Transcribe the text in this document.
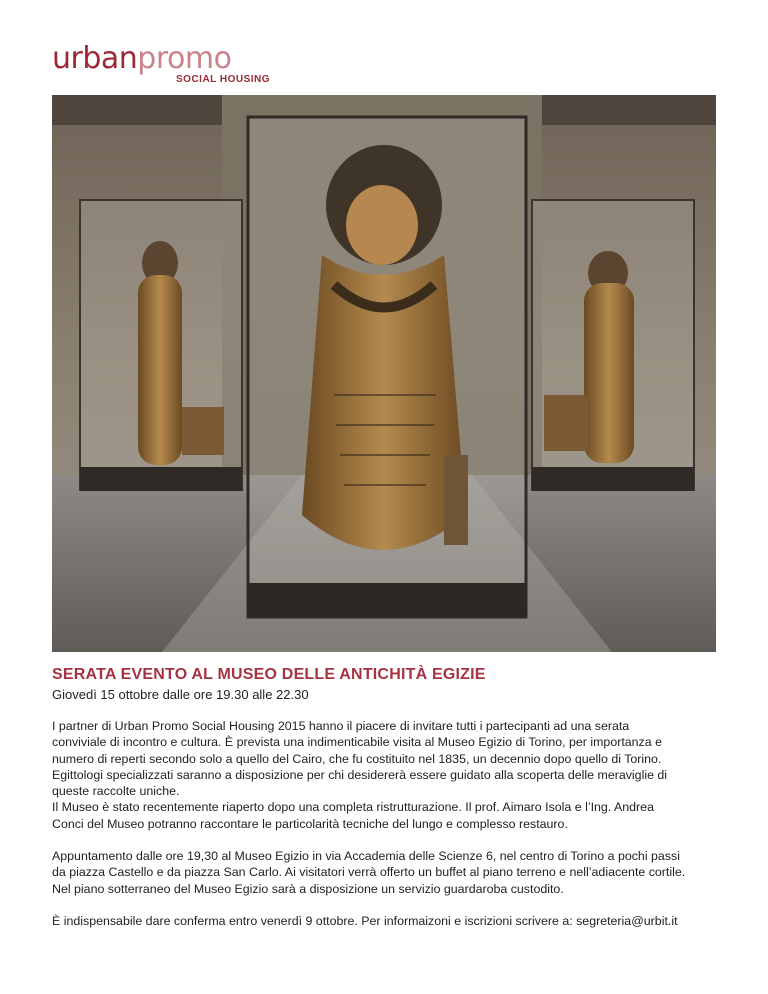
urbanpromo
SOCIAL HOUSING
SERATA EVENTO AL MUSEO DELLE ANTICHITÀ EGIZIE

Giovedì 15 ottobre dalle ore 19.30 alle 22.30

I partner di Urban Promo Social Housing 2015 hanno il piacere di invitare tutti i partecipanti ad una serata
conviviale di incontro e cultura. È prevista una indimenticabile visita al Museo Egizio di Torino, per importanza e
numero di reperti secondo solo a quello del Cairo, che fu costituito nel 1835, un decennio dopo quello di Torino.
Egittologi specializzati saranno a disposizione per chi desidererà essere guidato alla scoperta delle meraviglie di
queste raccolte uniche.
Il Museo è stato recentemente riaperto dopo una completa ristrutturazione. Il prof. Aimaro Isola e l’Ing. Andrea
Conci del Museo potranno raccontare le particolarità tecniche del lungo e complesso restauro.

Appuntamento dalle ore 19,30 al Museo Egizio in via Accademia delle Scienze 6, nel centro di Torino a pochi passi
da piazza Castello e da piazza San Carlo. Ai visitatori verrà offerto un buffet al piano terreno e nell’adiacente cortile.
Nel piano sotterraneo del Museo Egizio sarà a disposizione un servizio guardaroba custodito.

È indispensabile dare conferma entro venerdì 9 ottobre. Per informaizoni e iscrizioni scrivere a: segreteria@urbit.it
